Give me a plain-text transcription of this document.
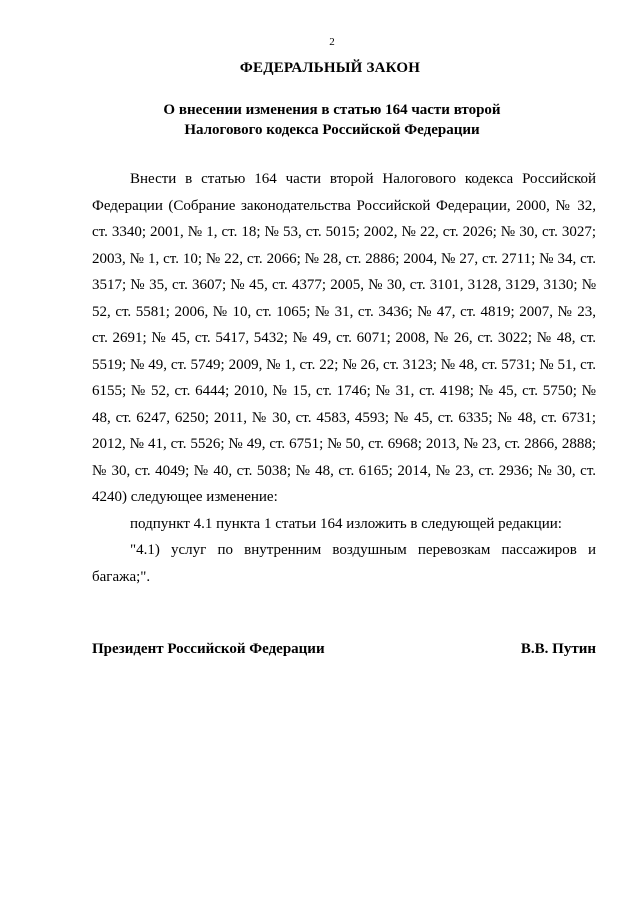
2
ФЕДЕРАЛЬНЫЙ ЗАКОН
О внесении изменения в статью 164 части второй
Налогового кодекса Российской Федерации

Внести в статью 164 части второй Налогового кодекса Российской Федерации (Собрание законодательства Российской Федерации, 2000, № 32, ст. 3340; 2001, № 1, ст. 18; № 53, ст. 5015; 2002, № 22, ст. 2026; № 30, ст. 3027; 2003, № 1, ст. 10; № 22, ст. 2066; № 28, ст. 2886; 2004, № 27, ст. 2711; № 34, ст. 3517; № 35, ст. 3607; № 45, ст. 4377; 2005, № 30, ст. 3101, 3128, 3129, 3130; № 52, ст. 5581; 2006, № 10, ст. 1065; № 31, ст. 3436; № 47, ст. 4819; 2007, № 23, ст. 2691; № 45, ст. 5417, 5432; № 49, ст. 6071; 2008, № 26, ст. 3022; № 48, ст. 5519; № 49, ст. 5749; 2009, № 1, ст. 22; № 26, ст. 3123; № 48, ст. 5731; № 51, ст. 6155; № 52, ст. 6444; 2010, № 15, ст. 1746; № 31, ст. 4198; № 45, ст. 5750; № 48, ст. 6247, 6250; 2011, № 30, ст. 4583, 4593; № 45, ст. 6335; № 48, ст. 6731; 2012, № 41, ст. 5526; № 49, ст. 6751; № 50, ст. 6968; 2013, № 23, ст. 2866, 2888; № 30, ст. 4049; № 40, ст. 5038; № 48, ст. 6165; 2014, № 23, ст. 2936; № 30, ст. 4240) следующее изменение:

подпункт 4.1 пункта 1 статьи 164 изложить в следующей редакции:

"4.1) услуг по внутренним воздушным перевозкам пассажиров и багажа;".

Президент Российской Федерации	В.В. Путин
